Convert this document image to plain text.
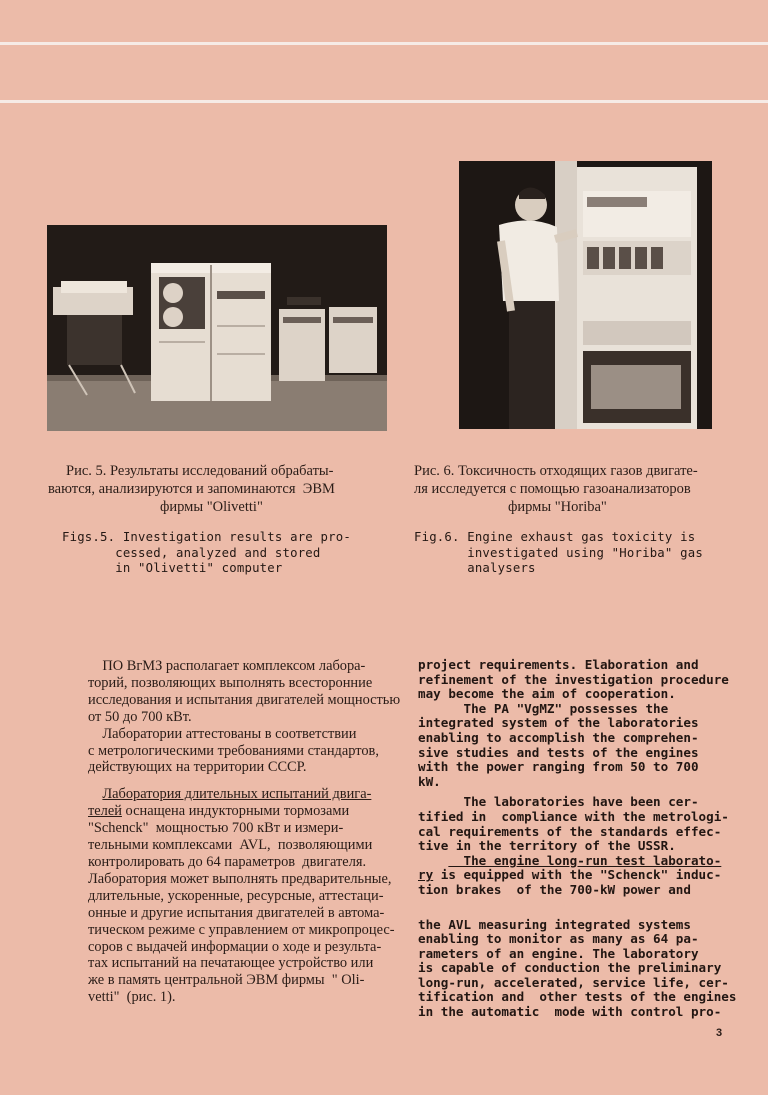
Рис. 5. Результаты исследований обрабаты-
ваются, анализируются и запоминаются  ЭВМ
фирмы "Olivetti"
Figs.5. Investigation results are pro-
cessed, analyzed and stored
in "Olivetti" computer
Рис. 6. Токсичность отходящих газов двигате-
ля исследуется с помощью газоанализаторов
фирмы "Horiba"
Fig.6. Engine exhaust gas toxicity is
investigated using "Horiba" gas
analysers
ПО ВгМЗ располагает комплексом лабора-
торий, позволяющих выполнять всесторонние
исследования и испытания двигателей мощностью
от 50 до 700 кВт.
Лаборатории аттестованы в соответствии
с метрологическими требованиями стандартов,
действующих на территории СССР.
Лаборатория длительных испытаний двига-
телей оснащена индукторными тормозами
"Schenck"  мощностью 700 кВт и измери-
тельными комплексами  AVL,  позволяющими
контролировать до 64 параметров  двигателя.
Лаборатория может выполнять предварительные,
длительные, ускоренные, ресурсные, аттестаци-
онные и другие испытания двигателей в автома-
тическом режиме с управлением от микропроцес-
соров с выдачей информации о ходе и результа-
тах испытаний на печатающее устройство или
же в память центральной ЭВМ фирмы  " Oli-
vetti"  (рис. 1).
project requirements. Elaboration and
refinement of the investigation procedure
may become the aim of cooperation.
The PA "VgMZ" possesses the
integrated system of the laboratories
enabling to accomplish the comprehen-
sive studies and tests of the engines
with the power ranging from 50 to 700
kW.
The laboratories have been cer-
tified in  compliance with the metrologi-
cal requirements of the standards effec-
tive in the territory of the USSR.
The engine long-run test laborato-
ry is equipped with the "Schenck" induc-
tion brakes  of the 700-kW power and
the AVL measuring integrated systems
enabling to monitor as many as 64 pa-
rameters of an engine. The laboratory
is capable of conduction the preliminary
long-run, accelerated, service life, cer-
tification and  other tests of the engines
in the automatic  mode with control pro-
3
